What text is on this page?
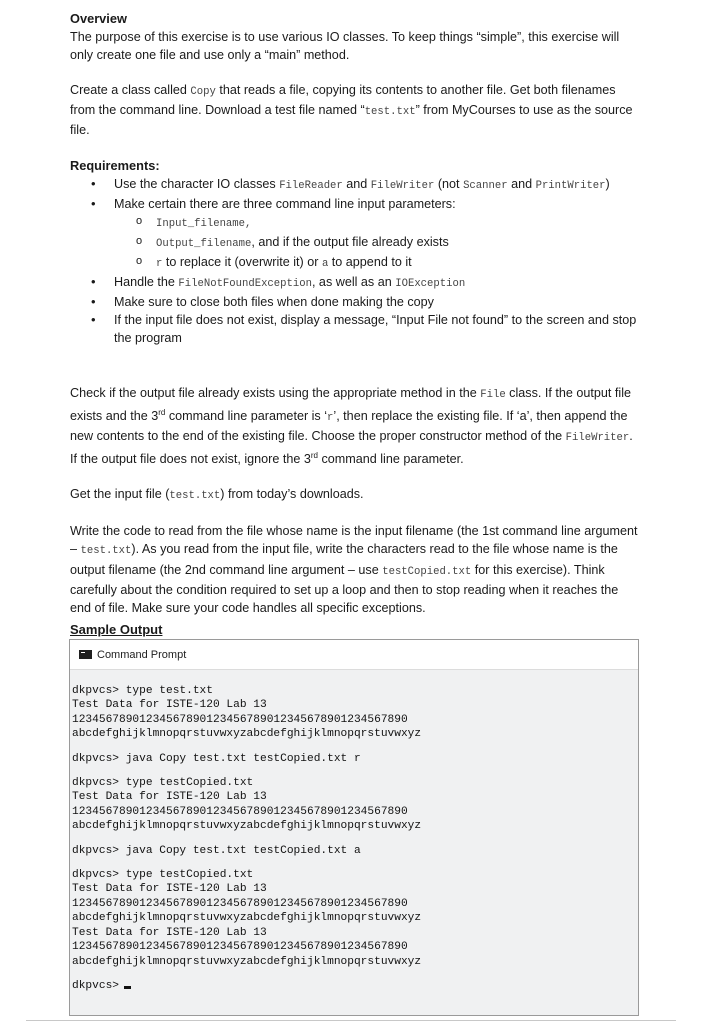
Overview

The purpose of this exercise is to use various IO classes. To keep things “simple”, this exercise will only create one file and use only a “main” method.

Create a class called Copy that reads a file, copying its contents to another file. Get both filenames from the command line. Download a test file named “test.txt” from MyCourses to use as the source file.

Requirements:
• Use the character IO classes FileReader and FileWriter (not Scanner and PrintWriter)
• Make certain there are three command line input parameters:
o Input_filename,
o Output_filename, and if the output file already exists
o r to replace it (overwrite it) or a to append to it
• Handle the FileNotFoundException, as well as an IOException
• Make sure to close both files when done making the copy
• If the input file does not exist, display a message, “Input File not found” to the screen and stop the program

Check if the output file already exists using the appropriate method in the File class. If the output file exists and the 3rd command line parameter is ‘r’, then replace the existing file. If ‘a’, then append the new contents to the end of the existing file. Choose the proper constructor method of the FileWriter. If the output file does not exist, ignore the 3rd command line parameter.

Get the input file (test.txt) from today’s downloads.

Write the code to read from the file whose name is the input filename (the 1st command line argument – test.txt). As you read from the input file, write the characters read to the file whose name is the output filename (the 2nd command line argument – use testCopied.txt for this exercise). Think carefully about the condition required to set up a loop and then to stop reading when it reaches the end of file. Make sure your code handles all specific exceptions.

Sample Output
Command Prompt
dkpvcs> type test.txt
Test Data for ISTE-120 Lab 13
12345678901234567890123456789012345678901234567890
abcdefghijklmnopqrstuvwxyzabcdefghijklmnopqrstuvwxyz
dkpvcs> java Copy test.txt testCopied.txt r
dkpvcs> type testCopied.txt
Test Data for ISTE-120 Lab 13
12345678901234567890123456789012345678901234567890
abcdefghijklmnopqrstuvwxyzabcdefghijklmnopqrstuvwxyz
dkpvcs> java Copy test.txt testCopied.txt a
dkpvcs> type testCopied.txt
Test Data for ISTE-120 Lab 13
12345678901234567890123456789012345678901234567890
abcdefghijklmnopqrstuvwxyzabcdefghijklmnopqrstuvwxyz
Test Data for ISTE-120 Lab 13
12345678901234567890123456789012345678901234567890
abcdefghijklmnopqrstuvwxyzabcdefghijklmnopqrstuvwxyz
dkpvcs>
